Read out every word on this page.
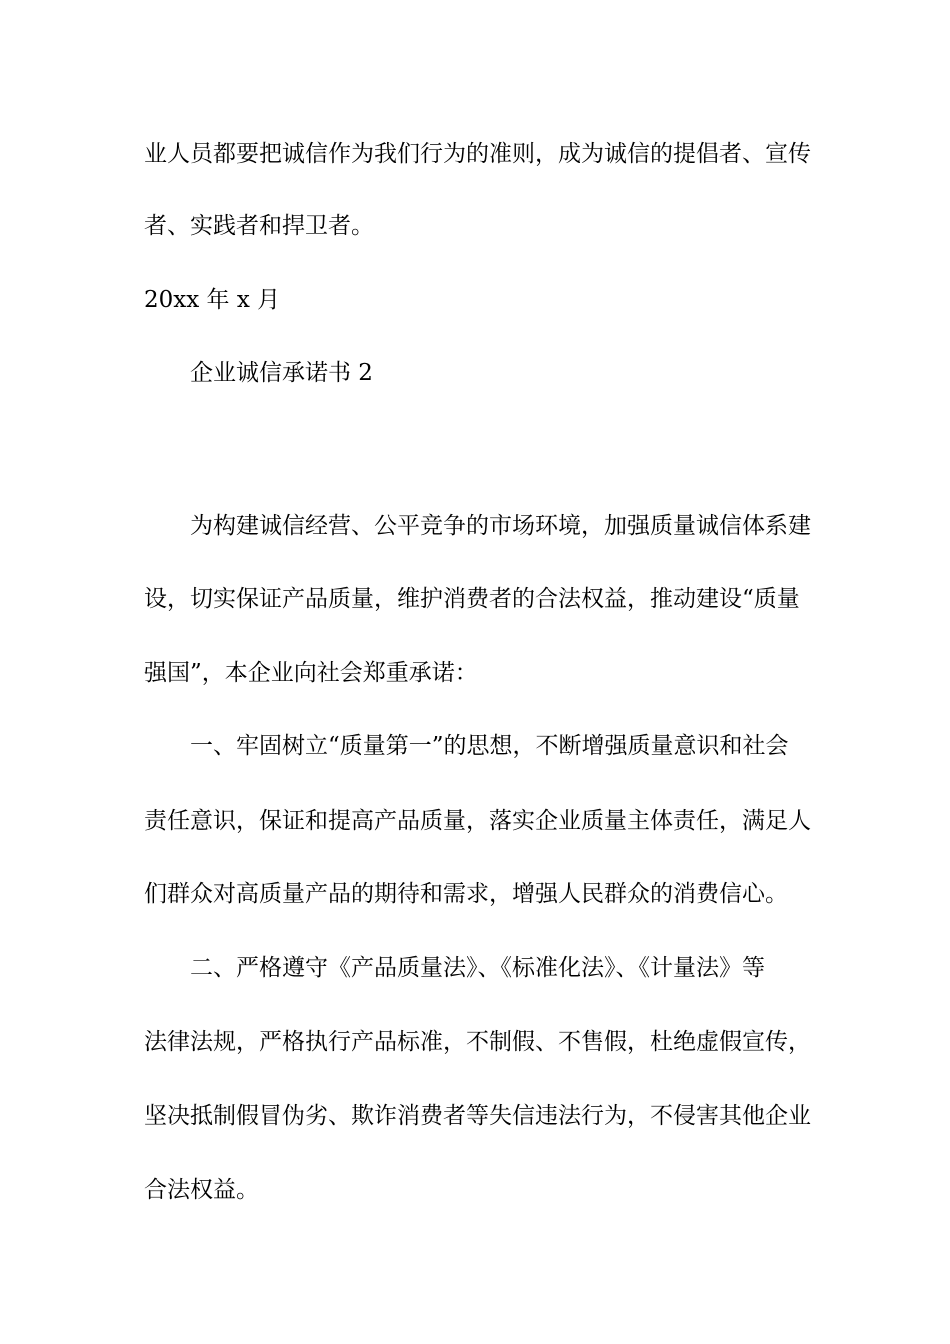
业人员都要把诚信作为我们行为的准则，成为诚信的提倡者、宣传
者、实践者和捍卫者。
20xx 年 x 月
企业诚信承诺书 2
为构建诚信经营、公平竞争的市场环境，加强质量诚信体系建
设，切实保证产品质量，维护消费者的合法权益，推动建设“质量
强国”，本企业向社会郑重承诺：
一、牢固树立“质量第一”的思想，不断增强质量意识和社会
责任意识，保证和提高产品质量，落实企业质量主体责任，满足人
们群众对高质量产品的期待和需求，增强人民群众的消费信心。
二、严格遵守《产品质量法》、《标准化法》、《计量法》等
法律法规，严格执行产品标准，不制假、不售假，杜绝虚假宣传，
坚决抵制假冒伪劣、欺诈消费者等失信违法行为，不侵害其他企业
合法权益。
